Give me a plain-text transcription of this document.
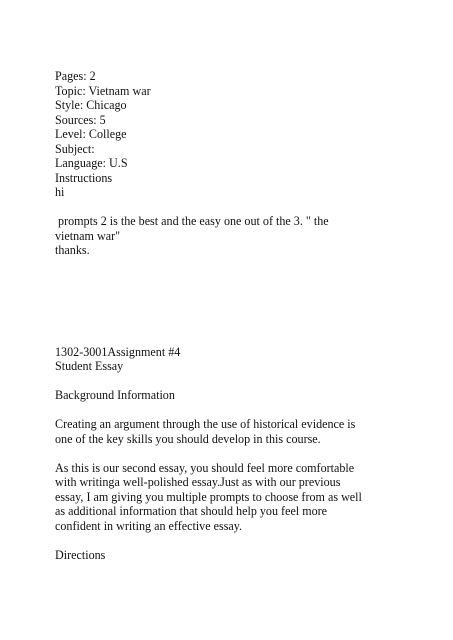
Pages: 2
Topic: Vietnam war
Style: Chicago
Sources: 5
Level: College
Subject:
Language: U.S
Instructions
hi
prompts 2 is the best and the easy one out of the 3. " the
vietnam war"
thanks.
1302-3001Assignment #4
Student Essay
Background Information
Creating an argument through the use of historical evidence is
one of the key skills you should develop in this course.
As this is our second essay, you should feel more comfortable
with writinga well-polished essay.Just as with our previous
essay, I am giving you multiple prompts to choose from as well
as additional information that should help you feel more
confident in writing an effective essay.
Directions
